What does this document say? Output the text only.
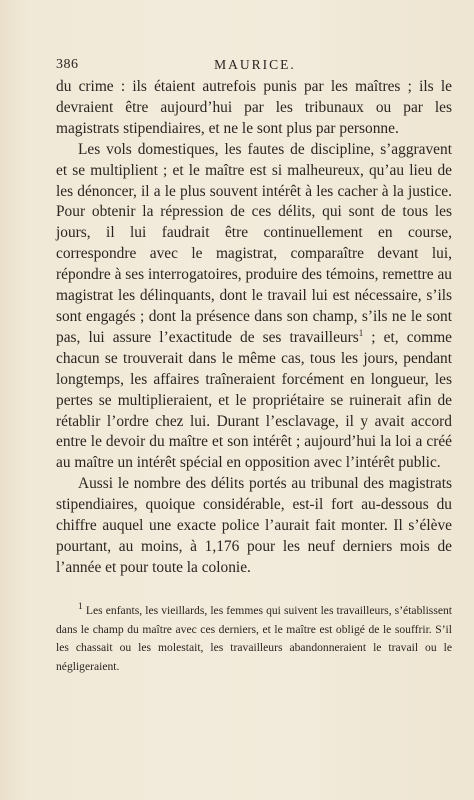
386	MAURICE.

du crime : ils étaient autrefois punis par les maîtres ; ils le devraient être aujourd’hui par les tribunaux ou par les magistrats stipendiaires, et ne le sont plus par personne.

Les vols domestiques, les fautes de discipline, s’aggravent et se multiplient ; et le maître est si malheureux, qu’au lieu de les dénoncer, il a le plus souvent intérêt à les cacher à la justice. Pour obtenir la répression de ces délits, qui sont de tous les jours, il lui faudrait être continuellement en course, correspondre avec le magistrat, comparaître devant lui, répondre à ses interrogatoires, produire des témoins, remettre au magistrat les délinquants, dont le travail lui est nécessaire, s’ils sont engagés ; dont la présence dans son champ, s’ils ne le sont pas, lui assure l’exactitude de ses travailleurs$^1$ ; et, comme chacun se trouverait dans le même cas, tous les jours, pendant longtemps, les affaires traîneraient forcément en longueur, les pertes se multiplieraient, et le propriétaire se ruinerait afin de rétablir l’ordre chez lui. Durant l’esclavage, il y avait accord entre le devoir du maître et son intérêt ; aujourd’hui la loi a créé au maître un intérêt spécial en opposition avec l’intérêt public.

Aussi le nombre des délits portés au tribunal des magistrats stipendiaires, quoique considérable, est-il fort au-dessous du chiffre auquel une exacte police l’aurait fait monter. Il s’élève pourtant, au moins, à 1,176 pour les neuf derniers mois de l’année et pour toute la colonie.

$^1$ Les enfants, les vieillards, les femmes qui suivent les travailleurs, s’établissent dans le champ du maître avec ces derniers, et le maître est obligé de le souffrir. S’il les chassait ou les molestait, les travailleurs abandonneraient le travail ou le négligeraient.
